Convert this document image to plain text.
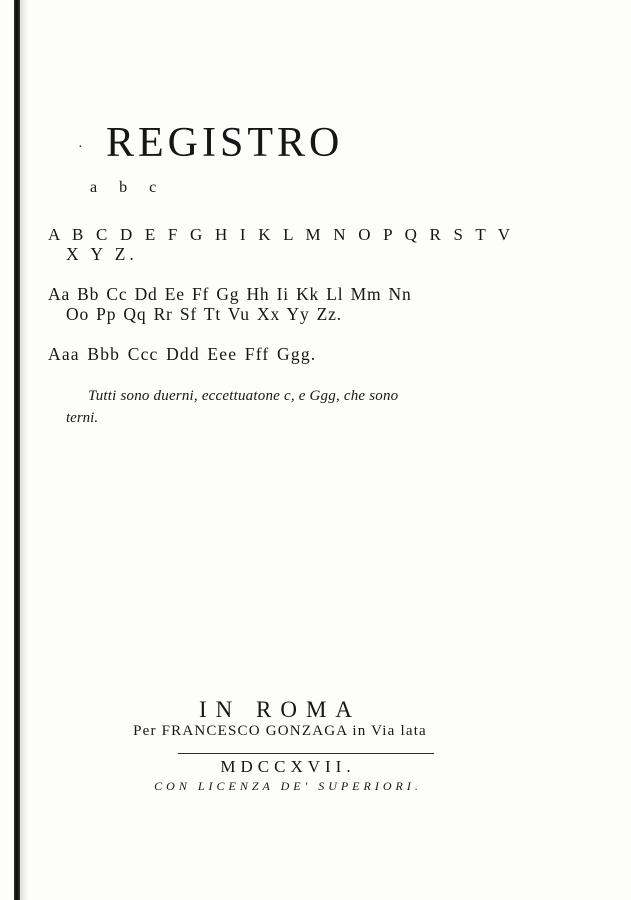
· REGISTRO

a b c

A B C D E F G H I K L M N O P Q R S T V

X Y Z.

Aa Bb Cc Dd Ee Ff Gg Hh Ii Kk Ll Mm Nn

Oo Pp Qq Rr Sf Tt Vu Xx Yy Zz.

Aaa Bbb Ccc Ddd Eee Fff Ggg.

Tutti sono duerni, eccettuatone c, e Ggg, che sono

terni.

IN ROMA

Per FRANCESCO GONZAGA in Via lata

MDCCXVII.

CON LICENZA DE' SUPERIORI.
